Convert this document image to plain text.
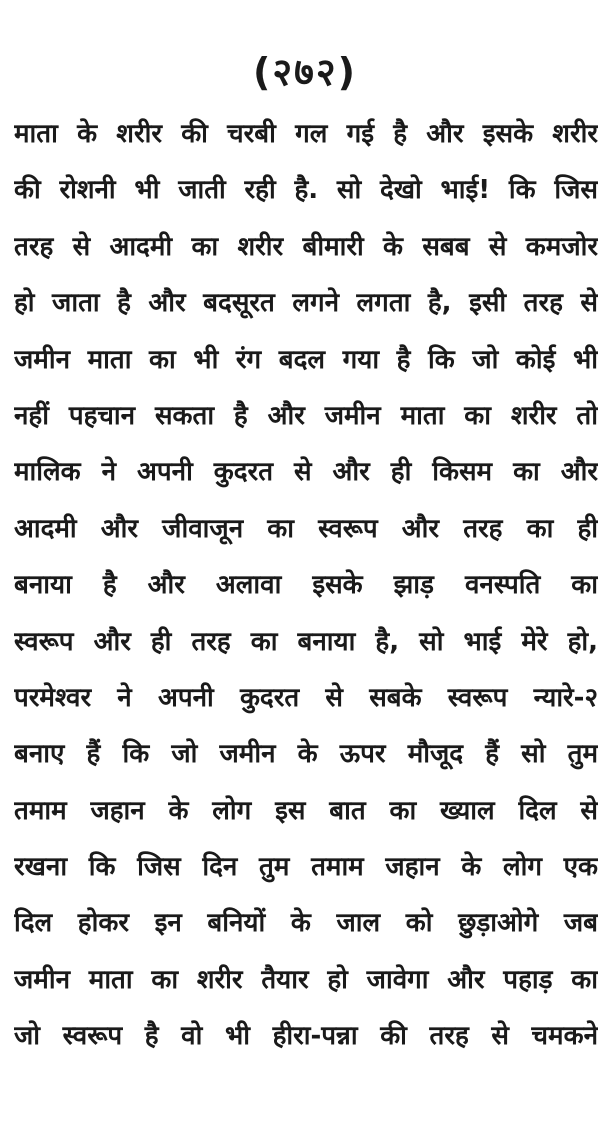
(२७२)
माता के शरीर की चरबी गल गई है और इसके शरीर
की रोशनी भी जाती रही है. सो देखो भाई! कि जिस
तरह से आदमी का शरीर बीमारी के सबब से कमजोर
हो जाता है और बदसूरत लगने लगता है, इसी तरह से
जमीन माता का भी रंग बदल गया है कि जो कोई भी
नहीं पहचान सकता है और जमीन माता का शरीर तो
मालिक ने अपनी कुदरत से और ही किसम का और
आदमी और जीवाजून का स्वरूप और तरह का ही
बनाया है और अलावा इसके झाड़ वनस्पति का
स्वरूप और ही तरह का बनाया है, सो भाई मेरे हो,
परमेश्वर ने अपनी कुदरत से सबके स्वरूप न्यारे-२
बनाए हैं कि जो जमीन के ऊपर मौजूद हैं सो तुम
तमाम जहान के लोग इस बात का ख्याल दिल से
रखना कि जिस दिन तुम तमाम जहान के लोग एक
दिल होकर इन बनियों के जाल को छुड़ाओगे जब
जमीन माता का शरीर तैयार हो जावेगा और पहाड़ का
जो स्वरूप है वो भी हीरा-पन्ना की तरह से चमकने
